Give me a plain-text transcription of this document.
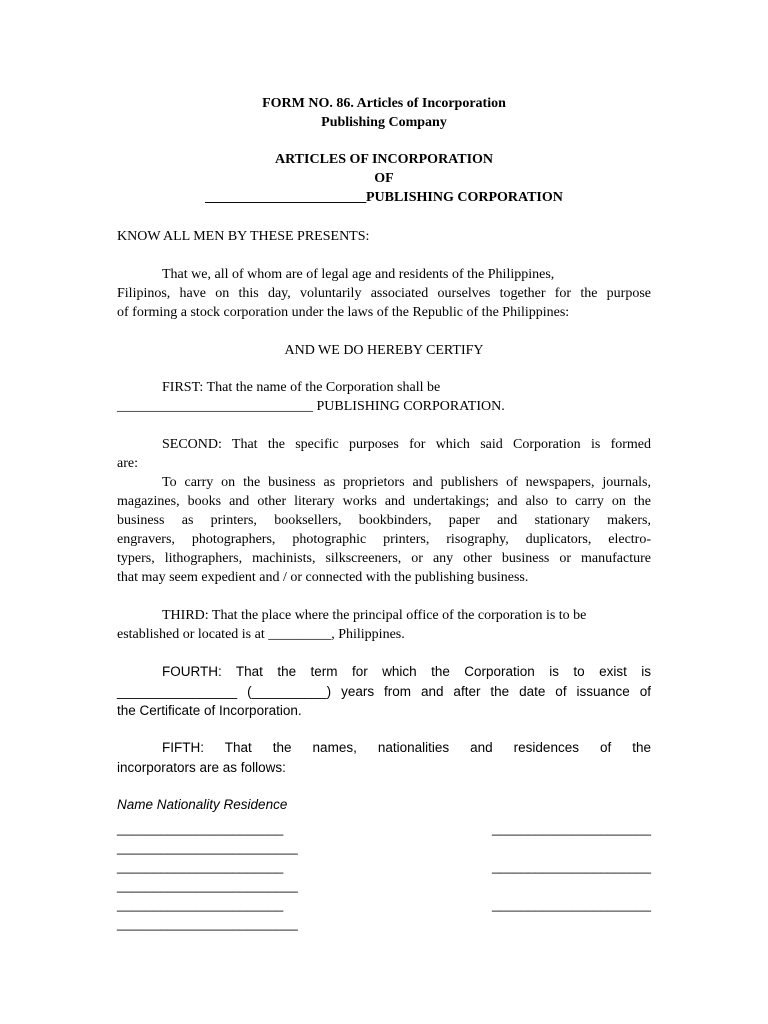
FORM NO. 86. Articles of Incorporation
Publishing Company
ARTICLES OF INCORPORATION
OF
________________________PUBLISHING CORPORATION
KNOW ALL MEN BY THESE PRESENTS:
That we, all of whom are of legal age and residents of the Philippines,
Filipinos, have on this day, voluntarily associated ourselves together for the purpose
of forming a stock corporation under the laws of the Republic of the Philippines:
AND WE DO HEREBY CERTIFY
FIRST: That the name of the Corporation shall be
____________________________ PUBLISHING CORPORATION.
SECOND: That the specific purposes for which said Corporation is formed
are:
To carry on the business as proprietors and publishers of newspapers, journals,
magazines, books and other literary works and undertakings; and also to carry on the
business as printers, booksellers, bookbinders, paper and stationary makers,
engravers, photographers, photographic printers, risography, duplicators, electro-
typers, lithographers, machinists, silkscreeners, or any other business or manufacture
that may seem expedient and / or connected with the publishing business.
THIRD: That the place where the principal office of the corporation is to be
established or located is at _________, Philippines.
FOURTH: That the term for which the Corporation is to exist is
________________ (__________) years from and after the date of issuance of
the Certificate of Incorporation.
FIFTH: That the names, nationalities and residences of the
incorporators are as follows:
Name Nationality Residence
_______________________	______________________
_________________________
_______________________	______________________
_________________________
_______________________	______________________
_________________________
